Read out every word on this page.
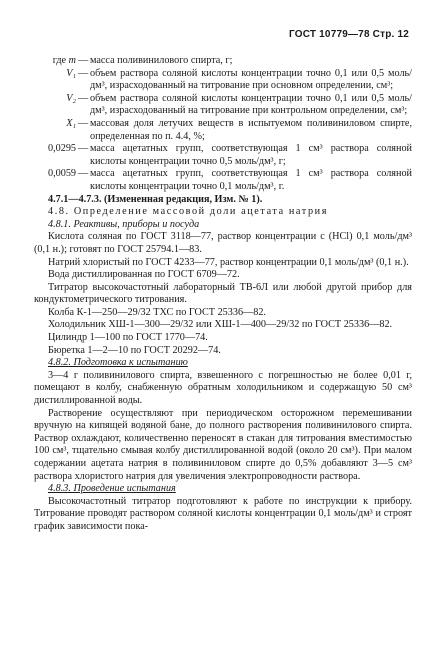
ГОСТ 10779—78 Стр. 12
где m — масса поливинилового спирта, г;
V₁ — объем раствора соляной кислоты концентрации точно 0,1 или 0,5 моль/дм³, израсходованный на титрование при основном определении, см³;
V₂ — объем раствора соляной кислоты концентрации точно 0,1 или 0,5 моль/дм³, израсходованный на титрование при контрольном определении, см³;
X₁ — массовая доля летучих веществ в испытуемом поливиниловом спирте, определенная по п. 4.4, %;
0,0295 — масса ацетатных групп, соответствующая 1 см³ раствора соляной кислоты концентрации точно 0,5 моль/дм³, г;
0,0059 — масса ацетатных групп, соответствующая 1 см³ раствора соляной кислоты концентрации точно 0,1 моль/дм³, г.

4.7.1—4.7.3. (Измененная редакция, Изм. № 1).

4.8. Определение массовой доли ацетата натрия

4.8.1. Реактивы, приборы и посуда

Кислота соляная по ГОСТ 3118—77, раствор концентрации с (HCl) 0,1 моль/дм³ (0,1 н.); готовят по ГОСТ 25794.1—83.

Натрий хлористый по ГОСТ 4233—77, раствор концентрации 0,1 моль/дм³ (0,1 н.).

Вода дистиллированная по ГОСТ 6709—72.

Титратор высокочастотный лабораторный ТВ-6Л или любой другой прибор для кондуктометрического титрования.

Колба К-1—250—29/32 ТХС по ГОСТ 25336—82.

Холодильник ХШ-1—300—29/32 или ХШ-1—400—29/32 по ГОСТ 25336—82.

Цилиндр 1—100 по ГОСТ 1770—74.

Бюретка 1—2—10 по ГОСТ 20292—74.

4.8.2. Подготовка к испытанию

3—4 г поливинилового спирта, взвешенного с погрешностью не более 0,01 г, помещают в колбу, снабженную обратным холодильником и содержащую 50 см³ дистиллированной воды.

Растворение осуществляют при периодическом осторожном перемешивании вручную на кипящей водяной бане, до полного растворения поливинилового спирта. Раствор охлаждают, количественно переносят в стакан для титрования вместимостью 100 см³, тщательно смывая колбу дистиллированной водой (около 20 см³). При малом содержании ацетата натрия в поливиниловом спирте до 0,5% добавляют 3—5 см³ раствора хлористого натрия для увеличения электропроводности раствора.

4.8.3. Проведение испытания

Высокочастотный титратор подготовляют к работе по инструкции к прибору. Титрование проводят раствором соляной кислоты концентрации 0,1 моль/дм³ и строят график зависимости пока-
